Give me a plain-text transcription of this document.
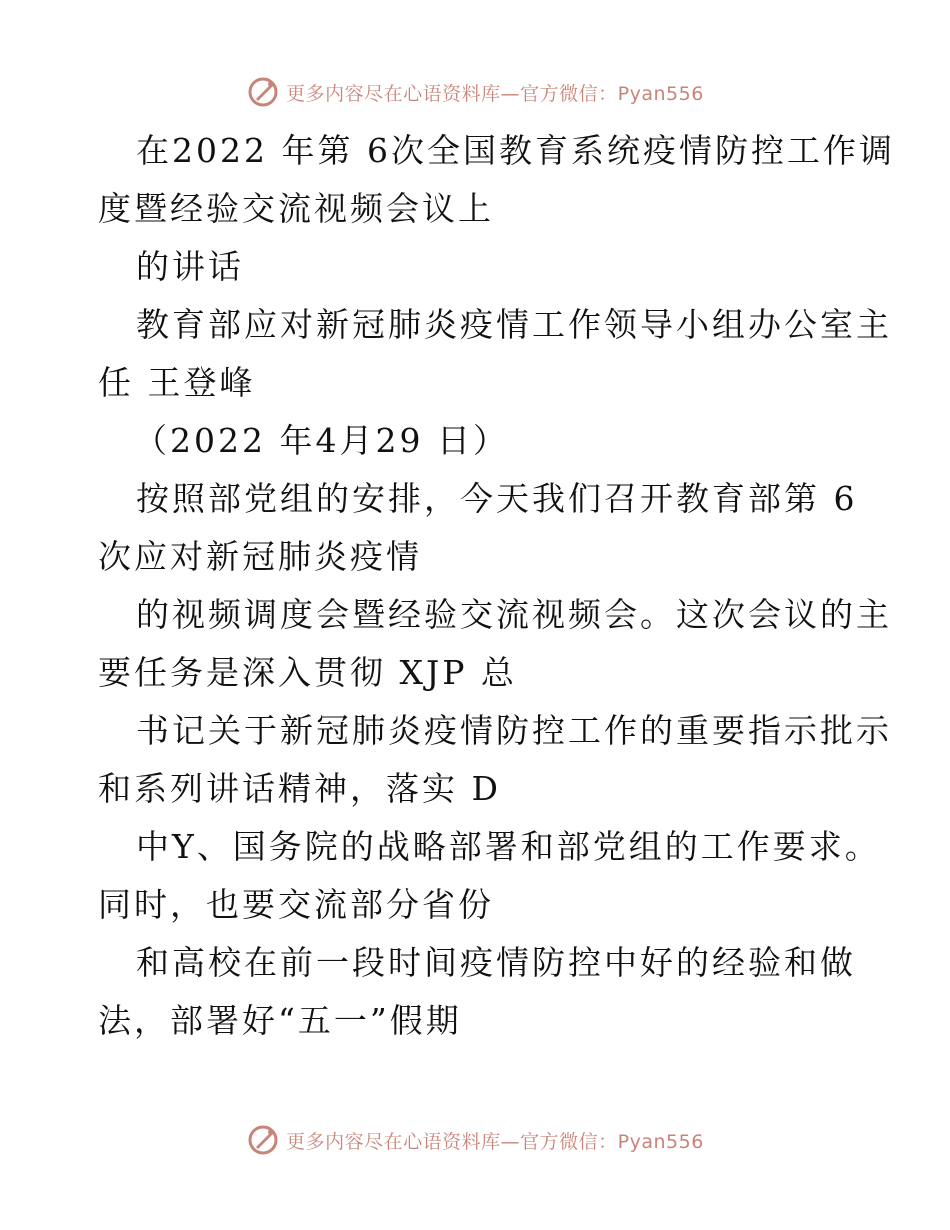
更多内容尽在心语资料库—官方微信：Pyan556
在2022 年第 6次全国教育系统疫情防控工作调
度暨经验交流视频会议上
的讲话
教育部应对新冠肺炎疫情工作领导小组办公室主
任 王登峰
（2022 年4月29 日）
按照部党组的安排，今天我们召开教育部第 6
次应对新冠肺炎疫情
的视频调度会暨经验交流视频会。这次会议的主
要任务是深入贯彻 XJP 总
书记关于新冠肺炎疫情防控工作的重要指示批示
和系列讲话精神，落实 D
中Y、国务院的战略部署和部党组的工作要求。
同时，也要交流部分省份
和高校在前一段时间疫情防控中好的经验和做
法，部署好“五一”假期
更多内容尽在心语资料库—官方微信：Pyan556
